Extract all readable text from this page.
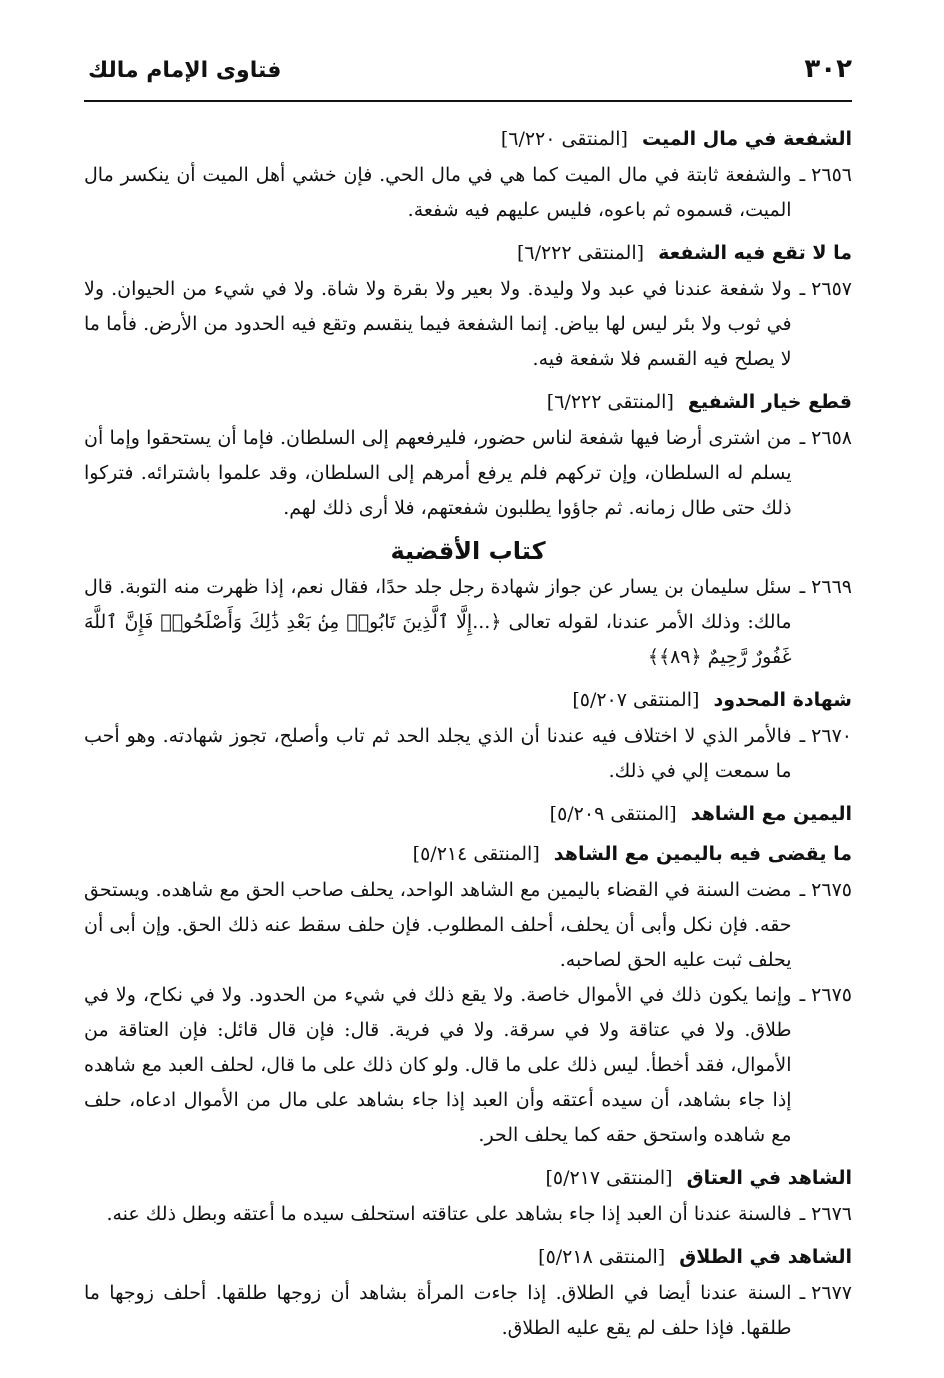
٣٠٢
فتاوى الإمام مالك
الشفعة في مال الميت [المنتقى ٦/٢٢٠]
٢٦٥٦ ـ
والشفعة ثابتة في مال الميت كما هي في مال الحي. فإن خشي أهل الميت أن ينكسر مال الميت، قسموه ثم باعوه، فليس عليهم فيه شفعة.
ما لا تقع فيه الشفعة [المنتقى ٦/٢٢٢]
٢٦٥٧ ـ
ولا شفعة عندنا في عبد ولا وليدة. ولا بعير ولا بقرة ولا شاة. ولا في شيء من الحيوان. ولا في ثوب ولا بئر ليس لها بياض. إنما الشفعة فيما ينقسم وتقع فيه الحدود من الأرض. فأما ما لا يصلح فيه القسم فلا شفعة فيه.
قطع خيار الشفيع [المنتقى ٦/٢٢٢]
٢٦٥٨ ـ
من اشترى أرضا فيها شفعة لناس حضور، فليرفعهم إلى السلطان. فإما أن يستحقوا وإما أن يسلم له السلطان، وإن تركهم فلم يرفع أمرهم إلى السلطان، وقد علموا باشترائه. فتركوا ذلك حتى طال زمانه. ثم جاؤوا يطلبون شفعتهم، فلا أرى ذلك لهم.
كتاب الأقضية
٢٦٦٩ ـ
سئل سليمان بن يسار عن جواز شهادة رجل جلد حدًا، فقال نعم، إذا ظهرت منه التوبة. قال مالك: وذلك الأمر عندنا، لقوله تعالى ﴿...إِلَّا ٱلَّذِينَ تَابُوا۟ مِنۢ بَعْدِ ذَٰلِكَ وَأَصْلَحُوا۟ فَإِنَّ ٱللَّهَ غَفُورٌ رَّحِيمٌ ﴿٨٩﴾﴾
شهادة المحدود [المنتقى ٥/٢٠٧]
٢٦٧٠ ـ
فالأمر الذي لا اختلاف فيه عندنا أن الذي يجلد الحد ثم تاب وأصلح، تجوز شهادته. وهو أحب ما سمعت إلي في ذلك.
اليمين مع الشاهد [المنتقى ٥/٢٠٩]
ما يقضى فيه باليمين مع الشاهد [المنتقى ٥/٢١٤]
٢٦٧٥ ـ
مضت السنة في القضاء باليمين مع الشاهد الواحد، يحلف صاحب الحق مع شاهده. ويستحق حقه. فإن نكل وأبى أن يحلف، أحلف المطلوب. فإن حلف سقط عنه ذلك الحق. وإن أبى أن يحلف ثبت عليه الحق لصاحبه.
٢٦٧٥ ـ
وإنما يكون ذلك في الأموال خاصة. ولا يقع ذلك في شيء من الحدود. ولا في نكاح، ولا في طلاق. ولا في عتاقة ولا في سرقة. ولا في فرية. قال: فإن قال قائل: فإن العتاقة من الأموال، فقد أخطأ. ليس ذلك على ما قال. ولو كان ذلك على ما قال، لحلف العبد مع شاهده إذا جاء بشاهد، أن سيده أعتقه وأن العبد إذا جاء بشاهد على مال من الأموال ادعاه، حلف مع شاهده واستحق حقه كما يحلف الحر.
الشاهد في العتاق [المنتقى ٥/٢١٧]
٢٦٧٦ ـ
فالسنة عندنا أن العبد إذا جاء بشاهد على عتاقته استحلف سيده ما أعتقه وبطل ذلك عنه.
الشاهد في الطلاق [المنتقى ٥/٢١٨]
٢٦٧٧ ـ
السنة عندنا أيضا في الطلاق. إذا جاءت المرأة بشاهد أن زوجها طلقها. أحلف زوجها ما طلقها. فإذا حلف لم يقع عليه الطلاق.
